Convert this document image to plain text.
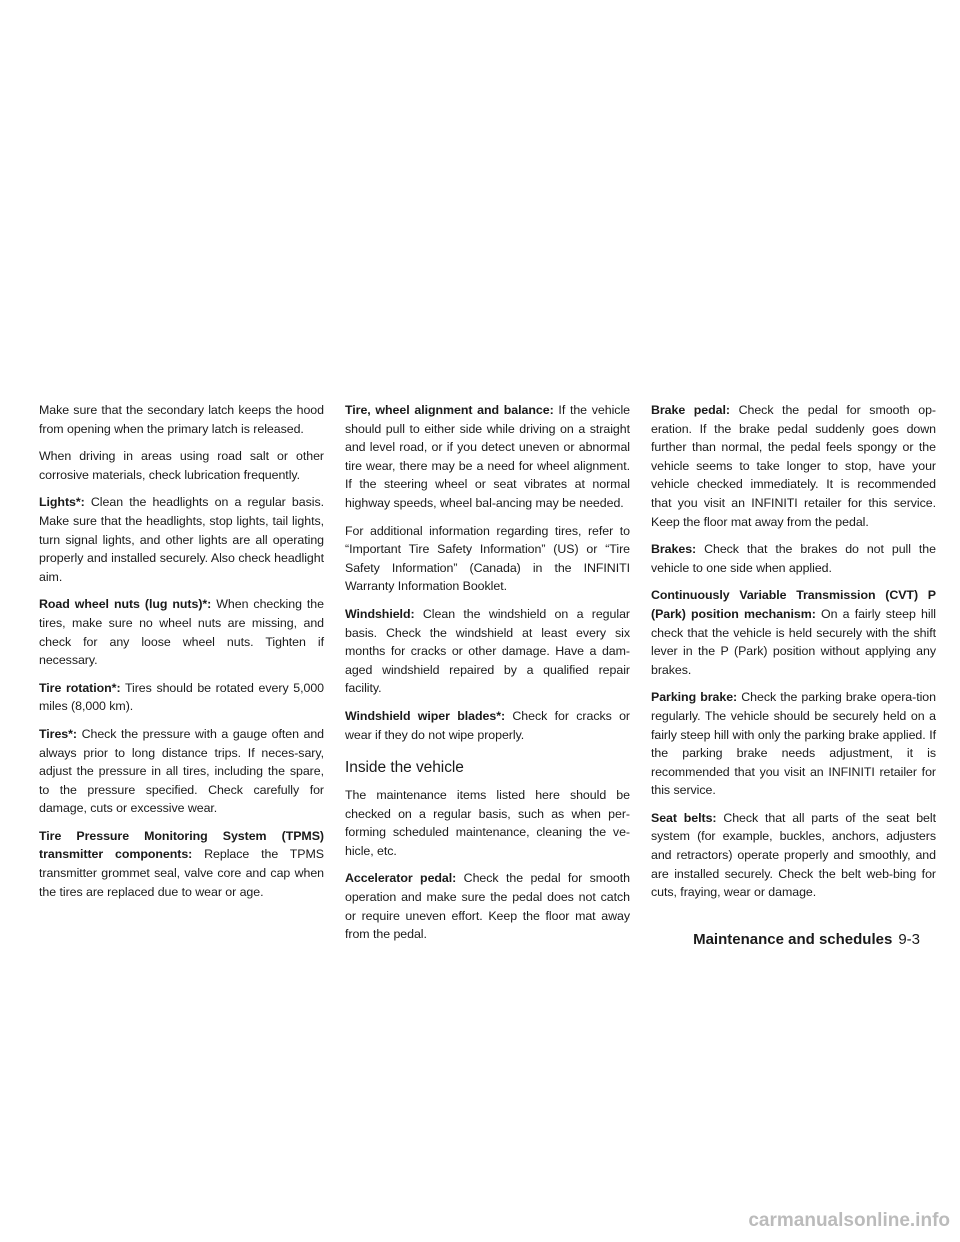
Make sure that the secondary latch keeps the hood from opening when the primary latch is released.

When driving in areas using road salt or other corrosive materials, check lubrication frequently.

Lights*: Clean the headlights on a regular basis. Make sure that the headlights, stop lights, tail lights, turn signal lights, and other lights are all operating properly and installed securely. Also check headlight aim.

Road wheel nuts (lug nuts)*: When checking the tires, make sure no wheel nuts are missing, and check for any loose wheel nuts. Tighten if necessary.

Tire rotation*: Tires should be rotated every 5,000 miles (8,000 km).

Tires*: Check the pressure with a gauge often and always prior to long distance trips. If neces-sary, adjust the pressure in all tires, including the spare, to the pressure specified. Check carefully for damage, cuts or excessive wear.

Tire Pressure Monitoring System (TPMS) transmitter components: Replace the TPMS transmitter grommet seal, valve core and cap when the tires are replaced due to wear or age.

Tire, wheel alignment and balance: If the vehicle should pull to either side while driving on a straight and level road, or if you detect uneven or abnormal tire wear, there may be a need for wheel alignment. If the steering wheel or seat vibrates at normal highway speeds, wheel bal-ancing may be needed.

For additional information regarding tires, refer to “Important Tire Safety Information” (US) or “Tire Safety Information” (Canada) in the INFINITI Warranty Information Booklet.

Windshield: Clean the windshield on a regular basis. Check the windshield at least every six months for cracks or other damage. Have a dam-aged windshield repaired by a qualified repair facility.

Windshield wiper blades*: Check for cracks or wear if they do not wipe properly.

Inside the vehicle

The maintenance items listed here should be checked on a regular basis, such as when per-forming scheduled maintenance, cleaning the ve-hicle, etc.

Accelerator pedal: Check the pedal for smooth operation and make sure the pedal does not catch or require uneven effort. Keep the floor mat away from the pedal.

Brake pedal: Check the pedal for smooth op-eration. If the brake pedal suddenly goes down further than normal, the pedal feels spongy or the vehicle seems to take longer to stop, have your vehicle checked immediately. It is recommended that you visit an INFINITI retailer for this service. Keep the floor mat away from the pedal.

Brakes: Check that the brakes do not pull the vehicle to one side when applied.

Continuously Variable Transmission (CVT) P (Park) position mechanism: On a fairly steep hill check that the vehicle is held securely with the shift lever in the P (Park) position without applying any brakes.

Parking brake: Check the parking brake opera-tion regularly. The vehicle should be securely held on a fairly steep hill with only the parking brake applied. If the parking brake needs adjustment, it is recommended that you visit an INFINITI retailer for this service.

Seat belts: Check that all parts of the seat belt system (for example, buckles, anchors, adjusters and retractors) operate properly and smoothly, and are installed securely. Check the belt web-bing for cuts, fraying, wear or damage.

Maintenance and schedules 9-3
carmanualsonline.info
